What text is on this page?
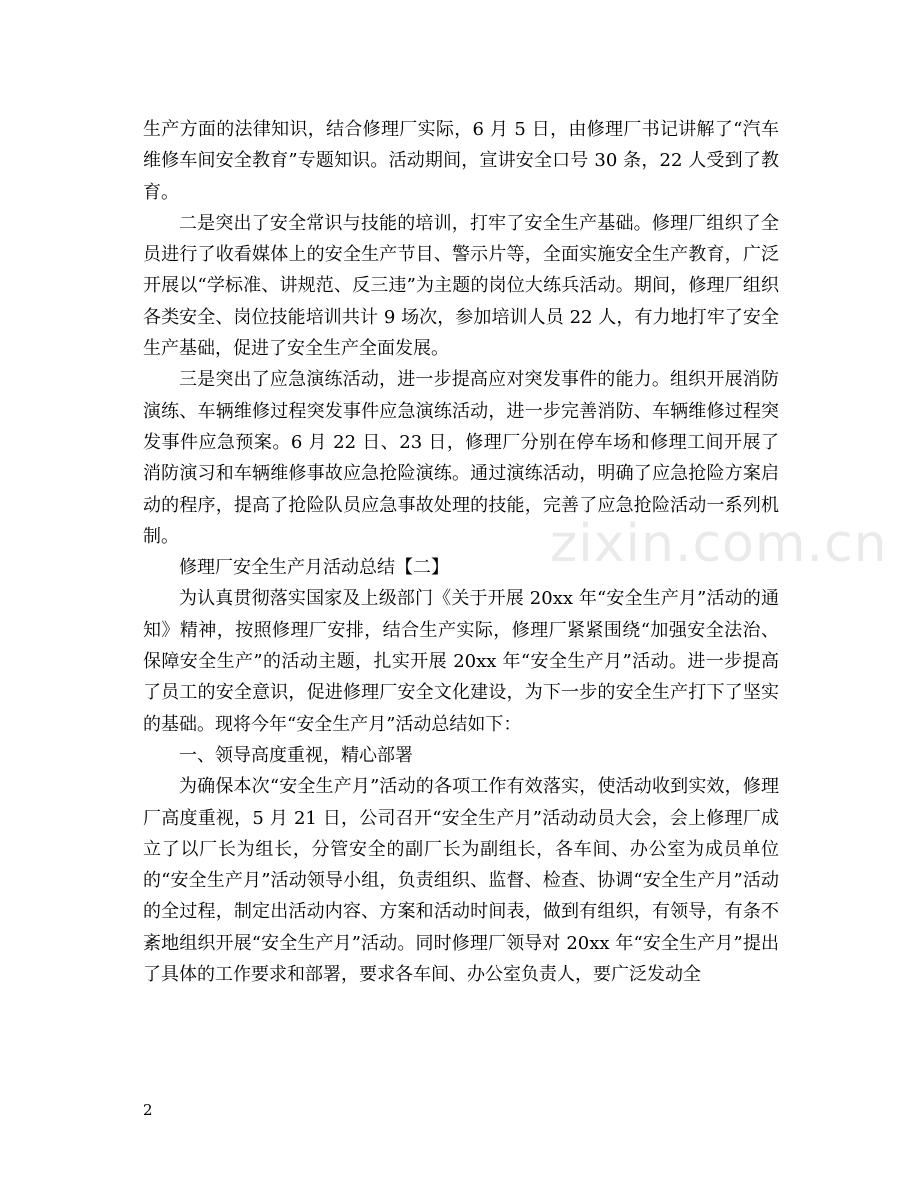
生产方面的法律知识，结合修理厂实际，6 月 5 日，由修理厂书记讲解了“汽车维修车间安全教育”专题知识。活动期间，宣讲安全口号 30 条，22 人受到了教育。

二是突出了安全常识与技能的培训，打牢了安全生产基础。修理厂组织了全员进行了收看媒体上的安全生产节目、警示片等，全面实施安全生产教育，广泛开展以“学标准、讲规范、反三违”为主题的岗位大练兵活动。期间，修理厂组织各类安全、岗位技能培训共计 9 场次，参加培训人员 22 人，有力地打牢了安全生产基础，促进了安全生产全面发展。

三是突出了应急演练活动，进一步提高应对突发事件的能力。组织开展消防演练、车辆维修过程突发事件应急演练活动，进一步完善消防、车辆维修过程突发事件应急预案。6 月 22 日、23 日，修理厂分别在停车场和修理工间开展了消防演习和车辆维修事故应急抢险演练。通过演练活动，明确了应急抢险方案启动的程序，提高了抢险队员应急事故处理的技能，完善了应急抢险活动一系列机制。

修理厂安全生产月活动总结【二】

为认真贯彻落实国家及上级部门《关于开展 20xx 年“安全生产月”活动的通知》精神，按照修理厂安排，结合生产实际，修理厂紧紧围绕“加强安全法治、保障安全生产”的活动主题，扎实开展 20xx 年“安全生产月”活动。进一步提高了员工的安全意识，促进修理厂安全文化建设，为下一步的安全生产打下了坚实的基础。现将今年“安全生产月”活动总结如下：

一、领导高度重视，精心部署

为确保本次“安全生产月”活动的各项工作有效落实，使活动收到实效，修理厂高度重视，5 月 21 日，公司召开“安全生产月”活动动员大会，会上修理厂成立了以厂长为组长，分管安全的副厂长为副组长，各车间、办公室为成员单位的“安全生产月”活动领导小组，负责组织、监督、检查、协调“安全生产月”活动的全过程，制定出活动内容、方案和活动时间表，做到有组织，有领导，有条不紊地组织开展“安全生产月”活动。同时修理厂领导对 20xx 年“安全生产月”提出了具体的工作要求和部署，要求各车间、办公室负责人，要广泛发动全

zixin.com.cn
2
